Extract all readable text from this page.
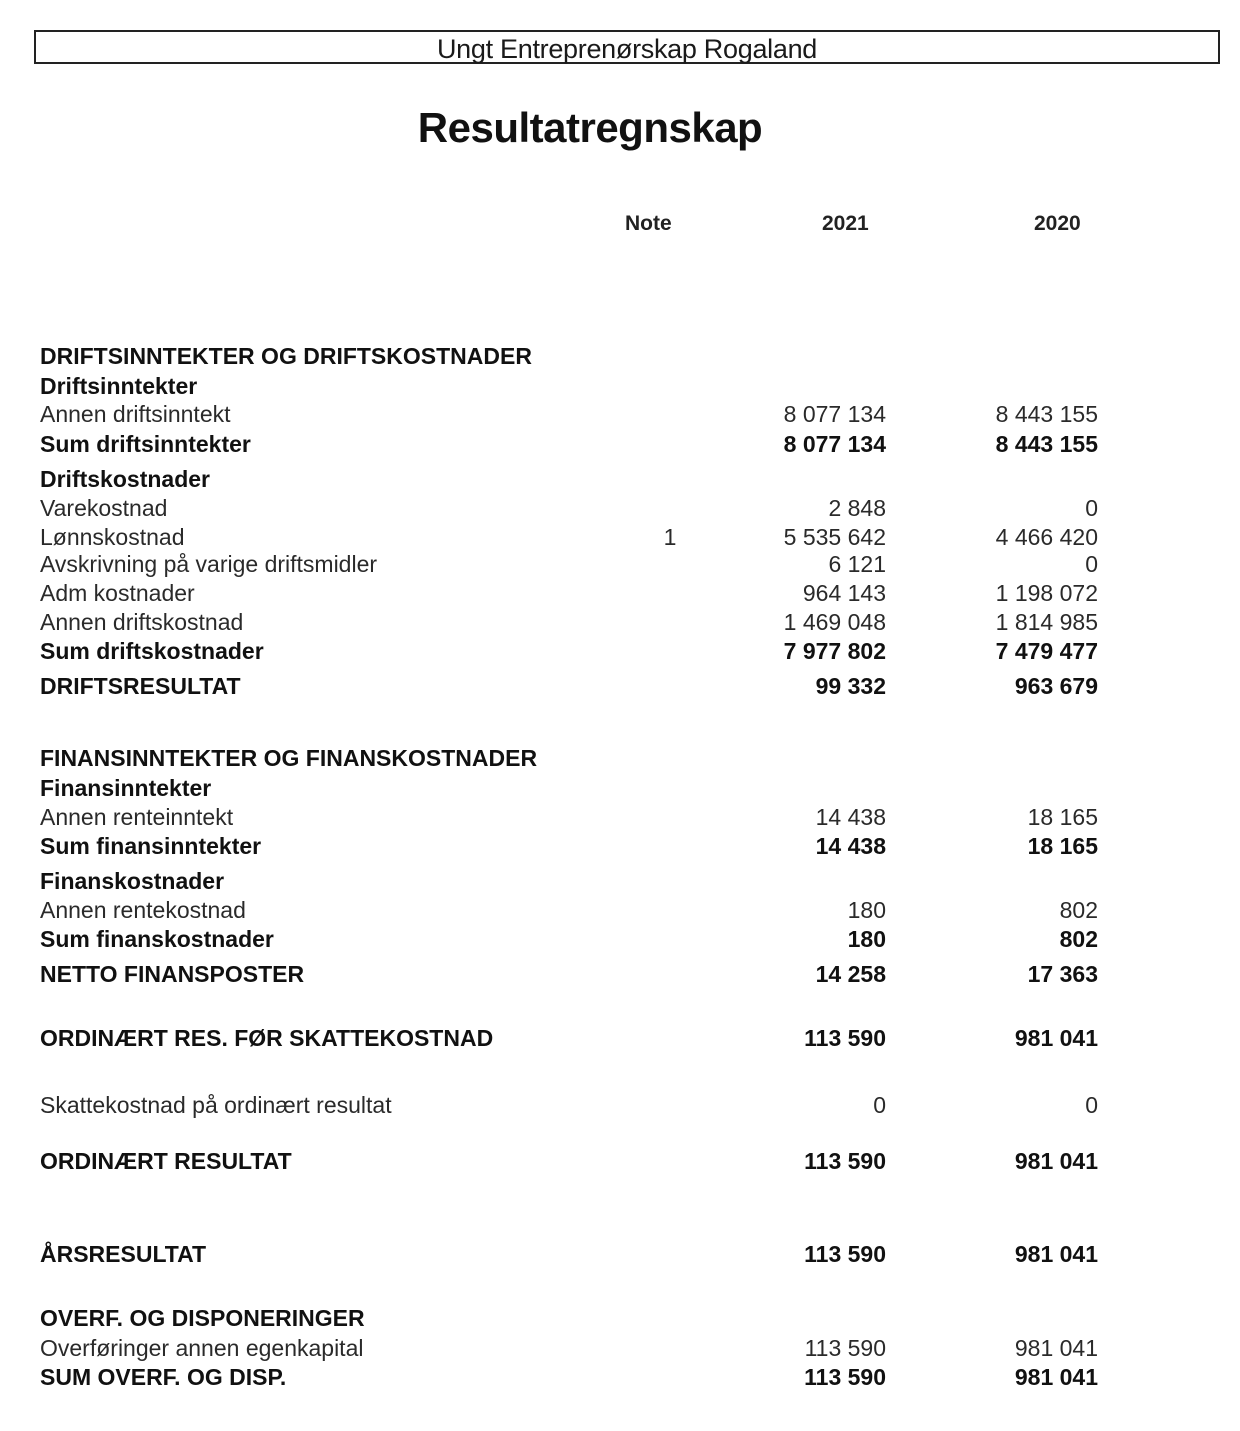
Ungt Entreprenørskap Rogaland
Resultatregnskap
Note	2021	2020
DRIFTSINNTEKTER OG DRIFTSKOSTNADER
Driftsinntekter
Annen driftsinntekt	8 077 134	8 443 155
Sum driftsinntekter	8 077 134	8 443 155
Driftskostnader
Varekostnad	2 848	0
Lønnskostnad	1	5 535 642	4 466 420
Avskrivning på varige driftsmidler	6 121	0
Adm kostnader	964 143	1 198 072
Annen driftskostnad	1 469 048	1 814 985
Sum driftskostnader	7 977 802	7 479 477
DRIFTSRESULTAT	99 332	963 679
FINANSINNTEKTER OG FINANSKOSTNADER
Finansinntekter
Annen renteinntekt	14 438	18 165
Sum finansinntekter	14 438	18 165
Finanskostnader
Annen rentekostnad	180	802
Sum finanskostnader	180	802
NETTO FINANSPOSTER	14 258	17 363
ORDINÆRT RES. FØR SKATTEKOSTNAD	113 590	981 041
Skattekostnad på ordinært resultat	0	0
ORDINÆRT RESULTAT	113 590	981 041
ÅRSRESULTAT	113 590	981 041
OVERF. OG DISPONERINGER
Overføringer annen egenkapital	113 590	981 041
SUM OVERF. OG DISP.	113 590	981 041
